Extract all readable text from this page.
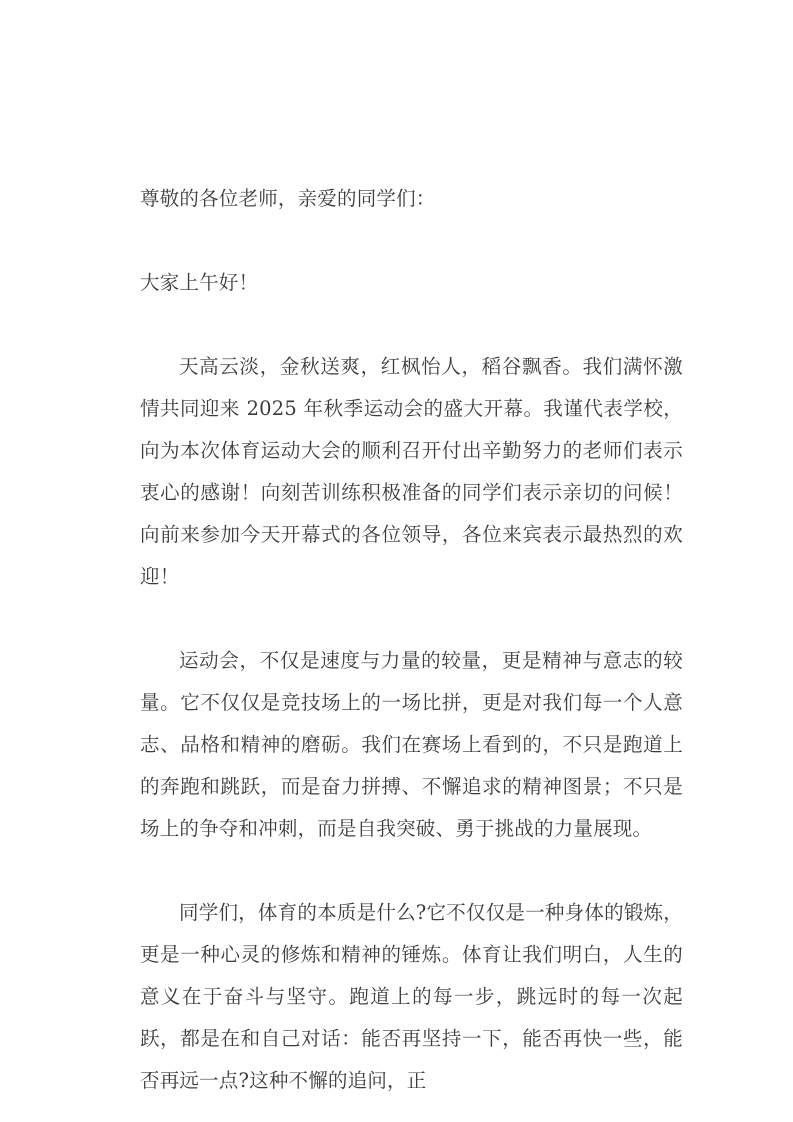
尊敬的各位老师，亲爱的同学们：

大家上午好！

天高云淡，金秋送爽，红枫怡人，稻谷飘香。我们满怀激情共同迎来 2025 年秋季运动会的盛大开幕。我谨代表学校，向为本次体育运动大会的顺利召开付出辛勤努力的老师们表示衷心的感谢！向刻苦训练积极准备的同学们表示亲切的问候！向前来参加今天开幕式的各位领导，各位来宾表示最热烈的欢迎！

运动会，不仅是速度与力量的较量，更是精神与意志的较量。它不仅仅是竞技场上的一场比拼，更是对我们每一个人意志、品格和精神的磨砺。我们在赛场上看到的，不只是跑道上的奔跑和跳跃，而是奋力拼搏、不懈追求的精神图景；不只是场上的争夺和冲刺，而是自我突破、勇于挑战的力量展现。

同学们，体育的本质是什么?它不仅仅是一种身体的锻炼，更是一种心灵的修炼和精神的锤炼。体育让我们明白，人生的意义在于奋斗与坚守。跑道上的每一步，跳远时的每一次起跃，都是在和自己对话：能否再坚持一下，能否再快一些，能否再远一点?这种不懈的追问，正
